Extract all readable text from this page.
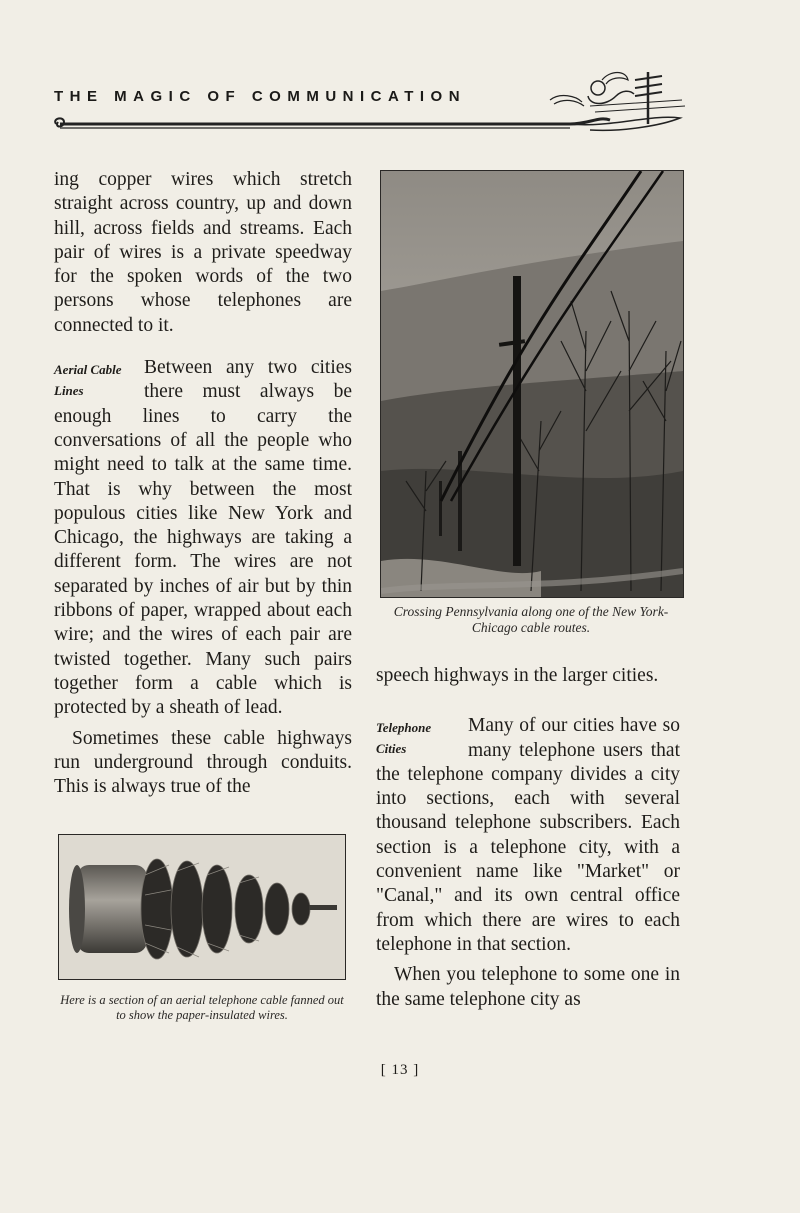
THE MAGIC OF COMMUNICATION

ing copper wires which stretch straight across country, up and down hill, across fields and streams. Each pair of wires is a private speedway for the spoken words of the two persons whose telephones are connected to it.

Aerial Cable
Lines

Between any two cities there must always be enough lines to carry the conversations of all the people who might need to talk at the same time. That is why between the most populous cities like New York and Chicago, the highways are taking a different form. The wires are not separated by inches of air but by thin ribbons of paper, wrapped about each wire; and the wires of each pair are twisted together. Many such pairs together form a cable which is protected by a sheath of lead.

Sometimes these cable highways run underground through conduits. This is always true of the

Crossing Pennsylvania along one of the New York-Chicago cable routes.
Here is a section of an aerial telephone cable fanned out to show the paper-insulated wires.

speech highways in the larger cities.

Telephone
Cities

Many of our cities have so many telephone users that the telephone company divides a city into sections, each with several thousand telephone subscribers. Each section is a telephone city, with a convenient name like "Market" or "Canal," and its own central office from which there are wires to each telephone in that section.

When you telephone to some one in the same telephone city as

[ 13 ]
